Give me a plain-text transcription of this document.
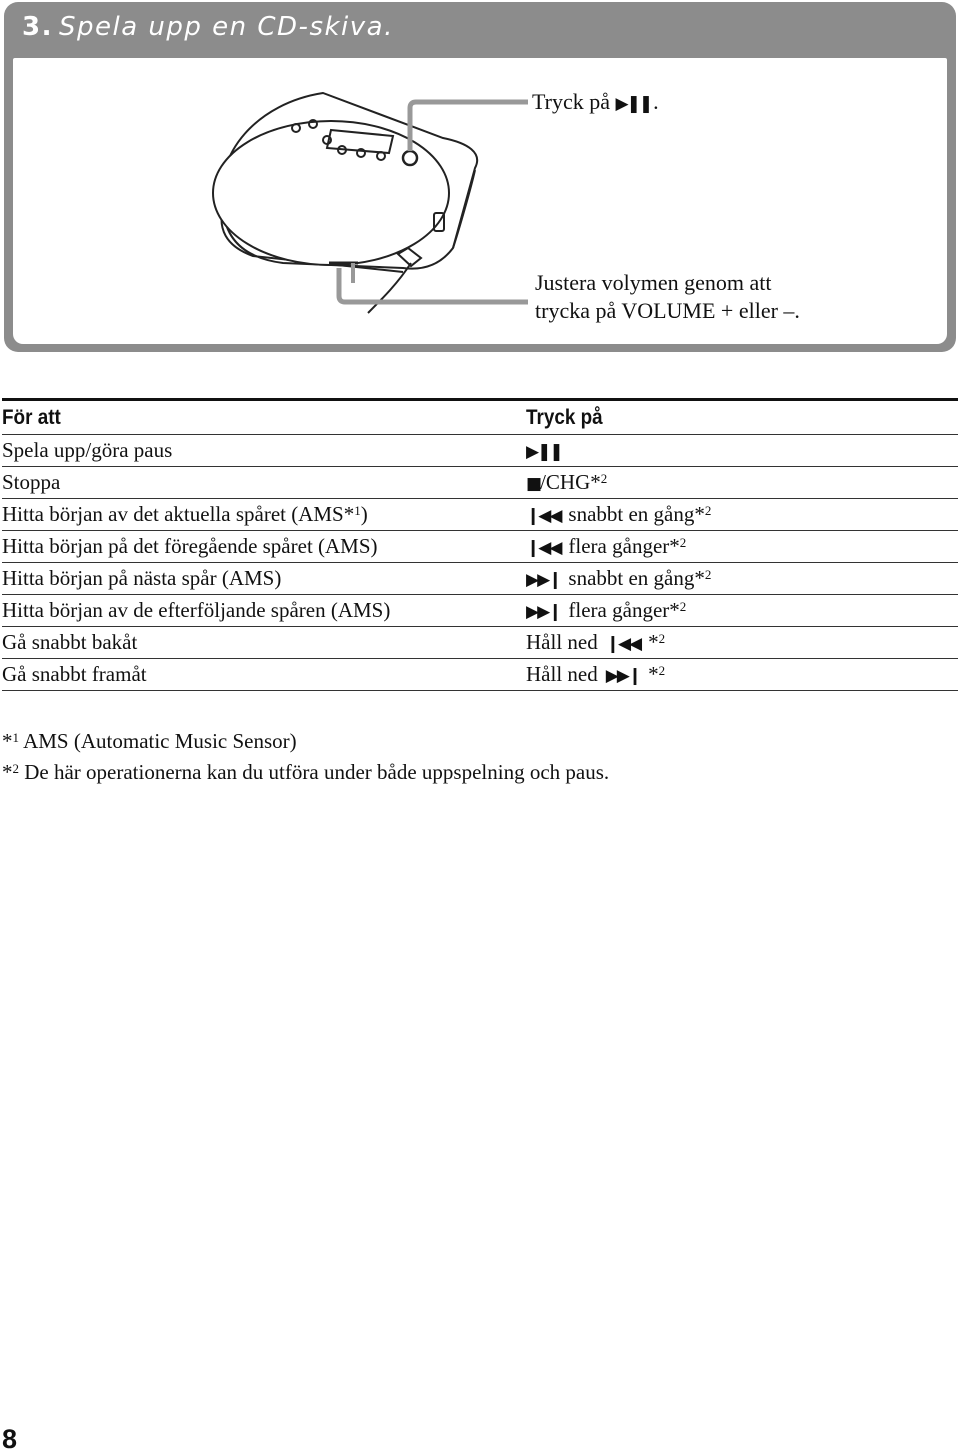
3. Spela upp en CD-skiva.
Tryck på ▶❚❚.
Justera volymen genom att
trycka på VOLUME + eller –.
För att	Tryck på
Spela upp/göra paus	▶❚❚
Stoppa	■/CHG*$^2$
Hitta början av det aktuella spåret (AMS*$^1$)	❙◀◀ snabbt en gång*$^2$
Hitta början på det föregående spåret (AMS)	❙◀◀ flera gånger*$^2$
Hitta början på nästa spår (AMS)	▶▶❙ snabbt en gång*$^2$
Hitta början av de efterföljande spåren (AMS)	▶▶❙ flera gånger*$^2$
Gå snabbt bakåt	Håll ned ❙◀◀ *$^2$
Gå snabbt framåt	Håll ned ▶▶❙ *$^2$
*$^1$ AMS (Automatic Music Sensor)
*$^2$ De här operationerna kan du utföra under både uppspelning och paus.
8
